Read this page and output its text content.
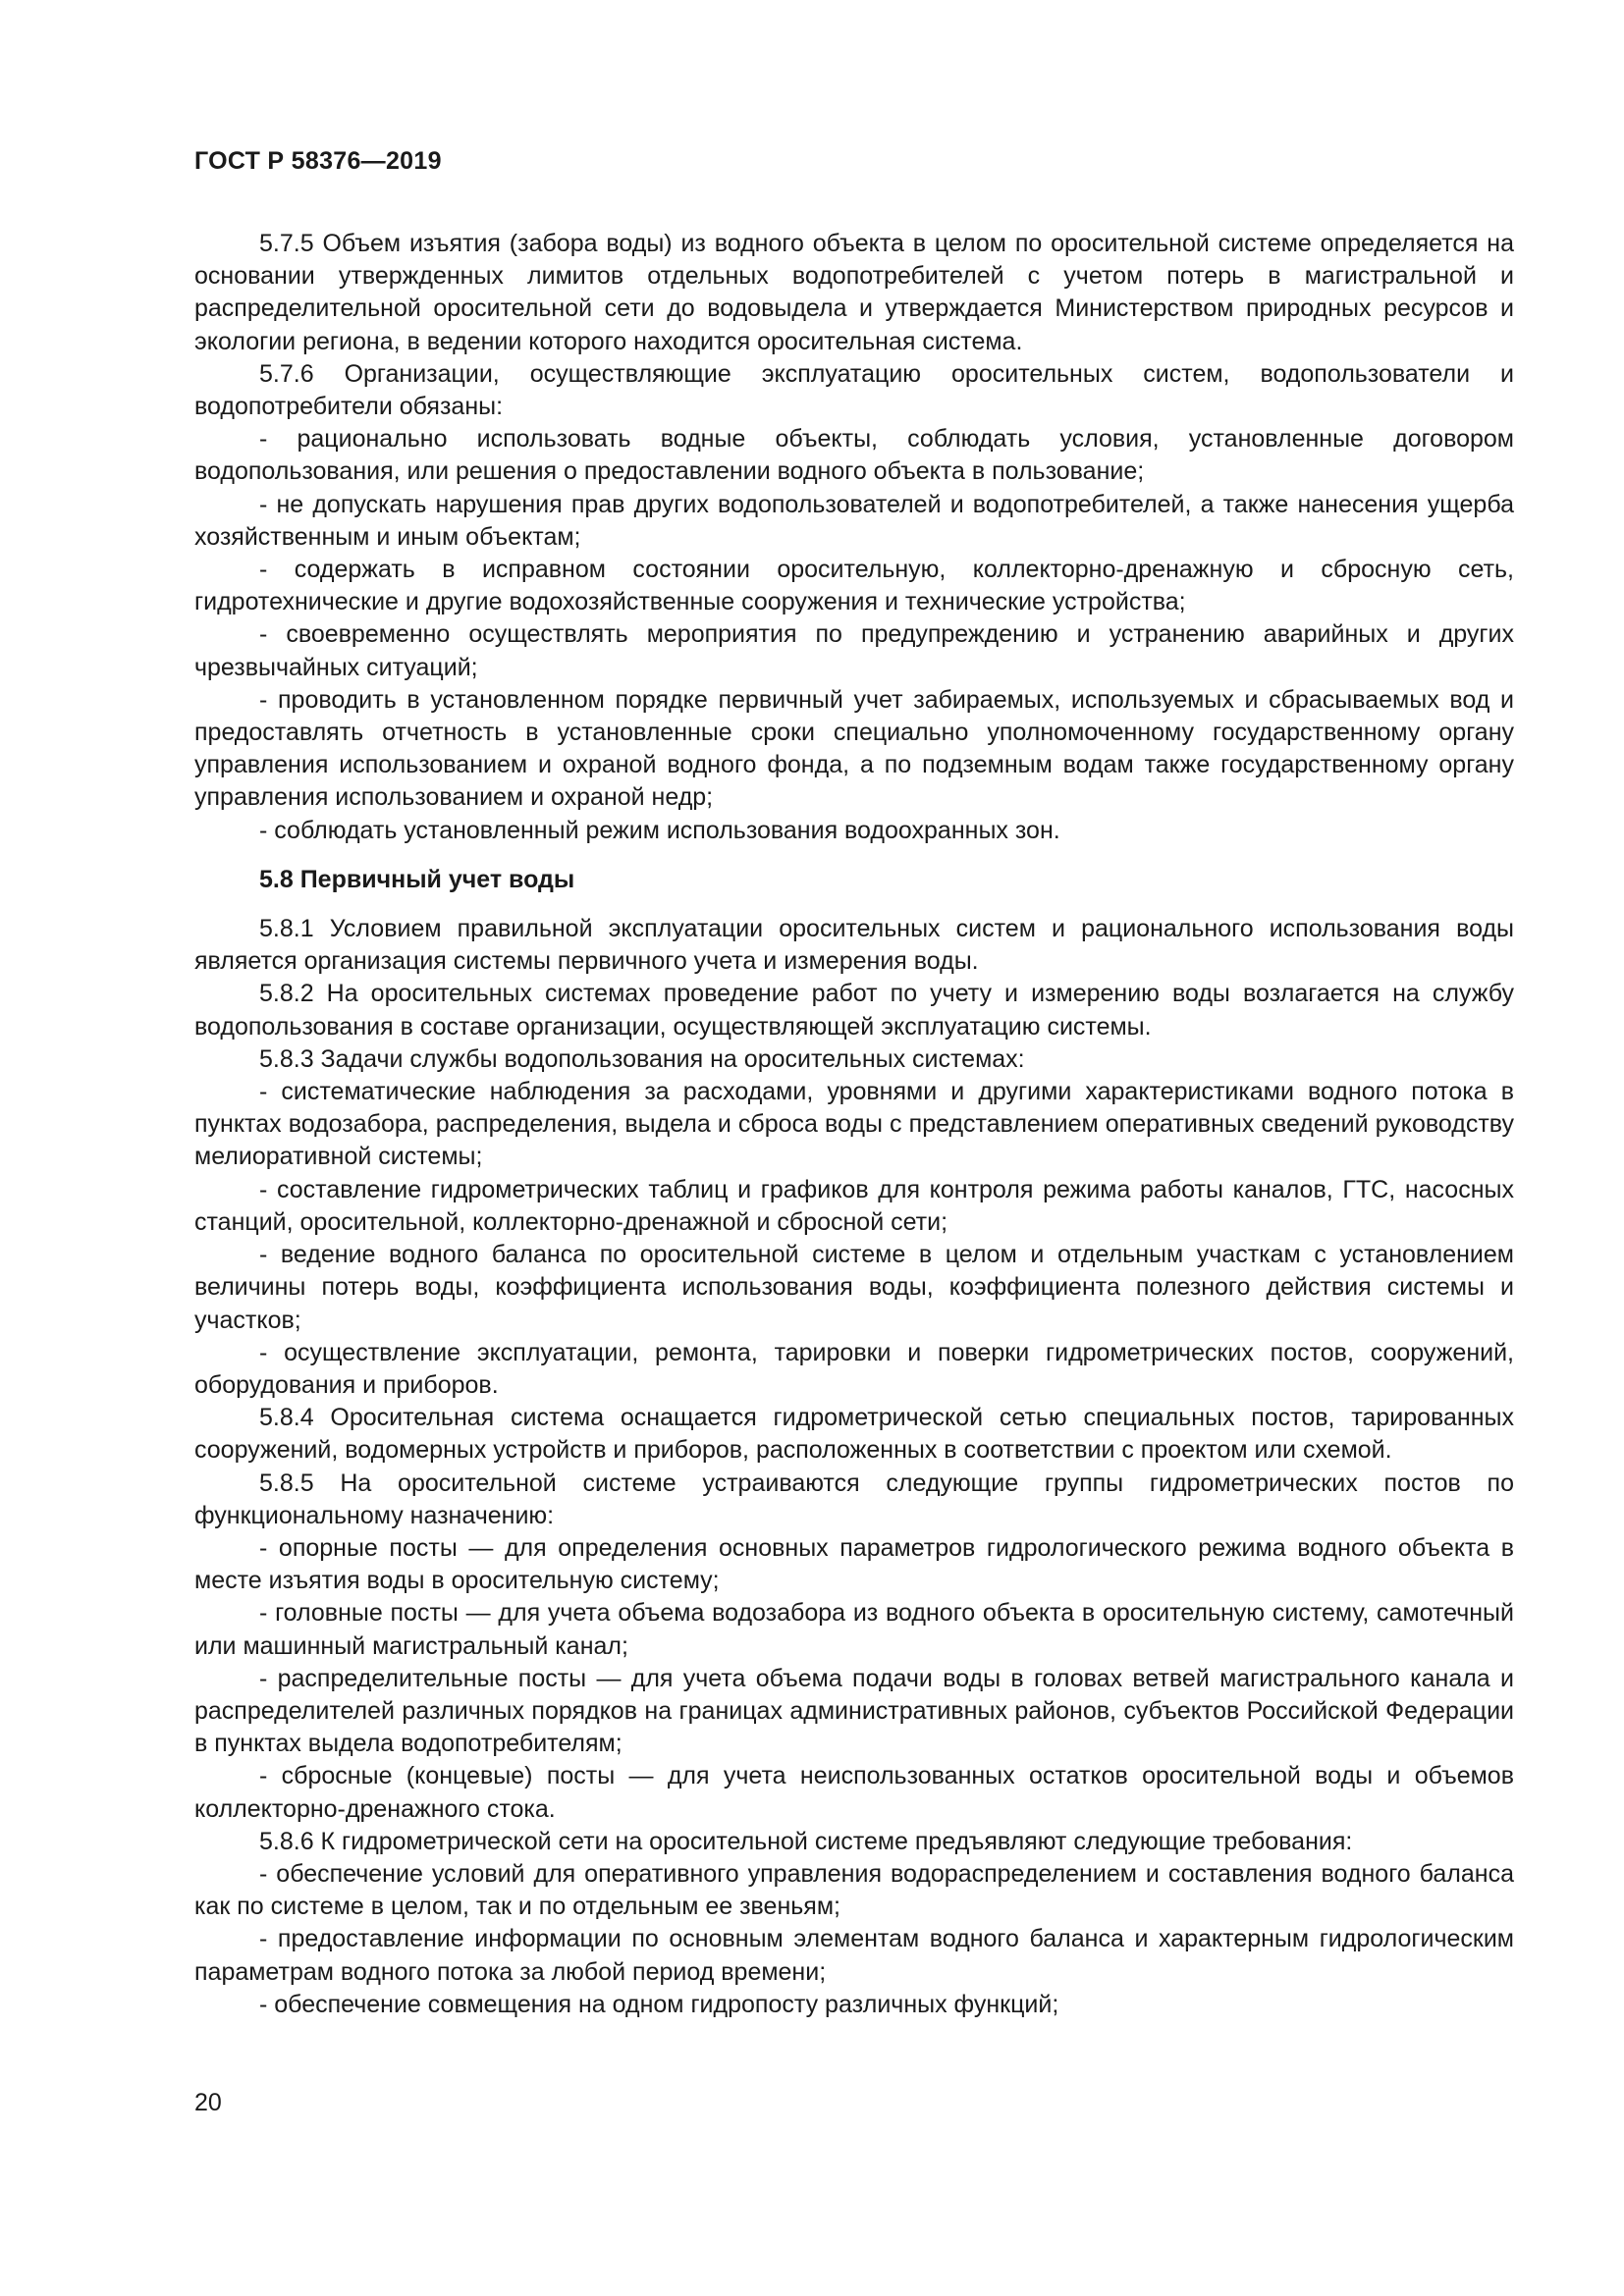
ГОСТ Р 58376—2019

5.7.5 Объем изъятия (забора воды) из водного объекта в целом по оросительной системе определяется на основании утвержденных лимитов отдельных водопотребителей с учетом потерь в магистральной и распределительной оросительной сети до водовыдела и утверждается Министерством природных ресурсов и экологии региона, в ведении которого находится оросительная система.

5.7.6 Организации, осуществляющие эксплуатацию оросительных систем, водопользователи и водопотребители обязаны:

- рационально использовать водные объекты, соблюдать условия, установленные договором водопользования, или решения о предоставлении водного объекта в пользование;

- не допускать нарушения прав других водопользователей и водопотребителей, а также нанесения ущерба хозяйственным и иным объектам;

- содержать в исправном состоянии оросительную, коллекторно-дренажную и сбросную сеть, гидротехнические и другие водохозяйственные сооружения и технические устройства;

- своевременно осуществлять мероприятия по предупреждению и устранению аварийных и других чрезвычайных ситуаций;

- проводить в установленном порядке первичный учет забираемых, используемых и сбрасываемых вод и предоставлять отчетность в установленные сроки специально уполномоченному государственному органу управления использованием и охраной водного фонда, а по подземным водам также государственному органу управления использованием и охраной недр;

- соблюдать установленный режим использования водоохранных зон.

5.8 Первичный учет воды

5.8.1 Условием правильной эксплуатации оросительных систем и рационального использования воды является организация системы первичного учета и измерения воды.

5.8.2 На оросительных системах проведение работ по учету и измерению воды возлагается на службу водопользования в составе организации, осуществляющей эксплуатацию системы.

5.8.3 Задачи службы водопользования на оросительных системах:

- систематические наблюдения за расходами, уровнями и другими характеристиками водного потока в пунктах водозабора, распределения, выдела и сброса воды с представлением оперативных сведений руководству мелиоративной системы;

- составление гидрометрических таблиц и графиков для контроля режима работы каналов, ГТС, насосных станций, оросительной, коллекторно-дренажной и сбросной сети;

- ведение водного баланса по оросительной системе в целом и отдельным участкам с установлением величины потерь воды, коэффициента использования воды, коэффициента полезного действия системы и участков;

- осуществление эксплуатации, ремонта, тарировки и поверки гидрометрических постов, сооружений, оборудования и приборов.

5.8.4 Оросительная система оснащается гидрометрической сетью специальных постов, тарированных сооружений, водомерных устройств и приборов, расположенных в соответствии с проектом или схемой.

5.8.5 На оросительной системе устраиваются следующие группы гидрометрических постов по функциональному назначению:

- опорные посты — для определения основных параметров гидрологического режима водного объекта в месте изъятия воды в оросительную систему;

- головные посты — для учета объема водозабора из водного объекта в оросительную систему, самотечный или машинный магистральный канал;

- распределительные посты — для учета объема подачи воды в головах ветвей магистрального канала и распределителей различных порядков на границах административных районов, субъектов Российской Федерации в пунктах выдела водопотребителям;

- сбросные (концевые) посты — для учета неиспользованных остатков оросительной воды и объемов коллекторно-дренажного стока.

5.8.6 К гидрометрической сети на оросительной системе предъявляют следующие требования:

- обеспечение условий для оперативного управления водораспределением и составления водного баланса как по системе в целом, так и по отдельным ее звеньям;

- предоставление информации по основным элементам водного баланса и характерным гидрологическим параметрам водного потока за любой период времени;

- обеспечение совмещения на одном гидропосту различных функций;

20
